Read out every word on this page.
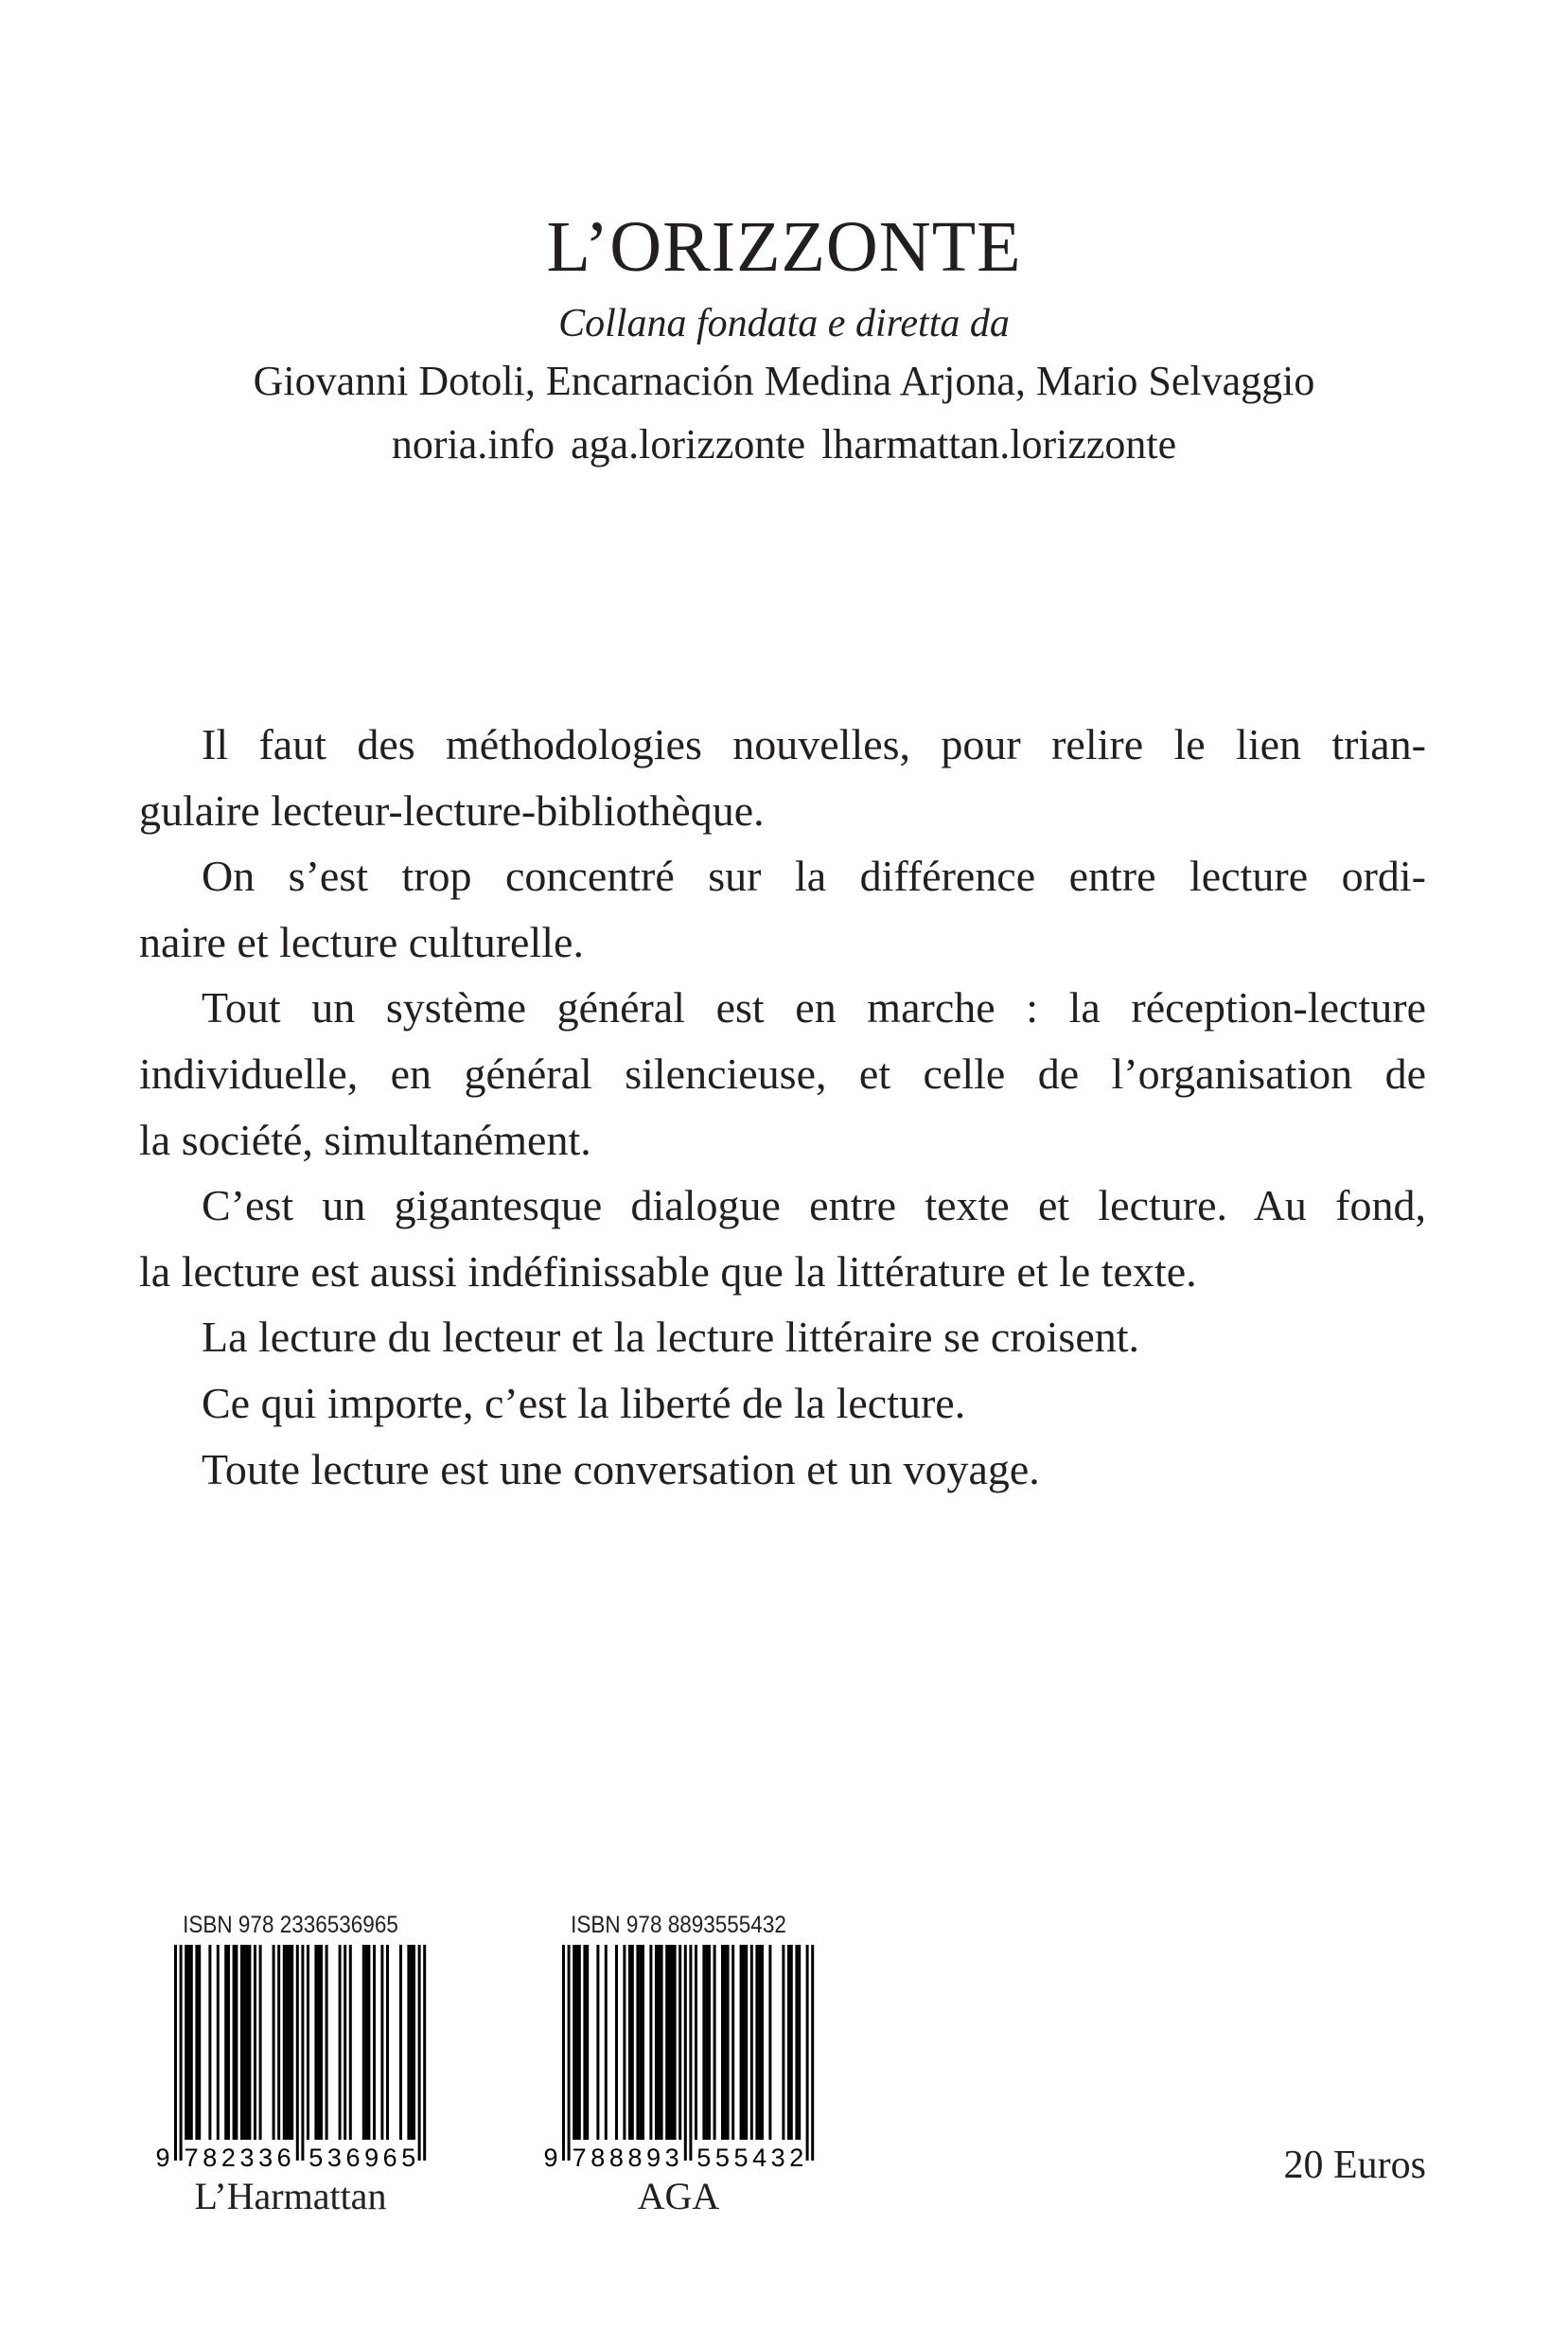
L’ORIZZONTE
Collana fondata e diretta da
Giovanni Dotoli, Encarnación Medina Arjona, Mario Selvaggio
noria.info aga.lorizzonte lharmattan.lorizzonte
Il faut des méthodologies nouvelles, pour relire le lien trian-
gulaire lecteur-lecture-bibliothèque.
On s’est trop concentré sur la différence entre lecture ordi-
naire et lecture culturelle.
Tout un système général est en marche : la réception-lecture
individuelle, en général silencieuse, et celle de l’organisation de
la société, simultanément.
C’est un gigantesque dialogue entre texte et lecture. Au fond,
la lecture est aussi indéfinissable que la littérature et le texte.
La lecture du lecteur et la lecture littéraire se croisent.
Ce qui importe, c’est la liberté de la lecture.
Toute lecture est une conversation et un voyage.
ISBN 978 2336536965
9 7 8 2 3 3 6 5 3 6 9 6 5
L’Harmattan
ISBN 978 8893555432
9 7 8 8 8 9 3 5 5 5 4 3 2
AGA
20 Euros
